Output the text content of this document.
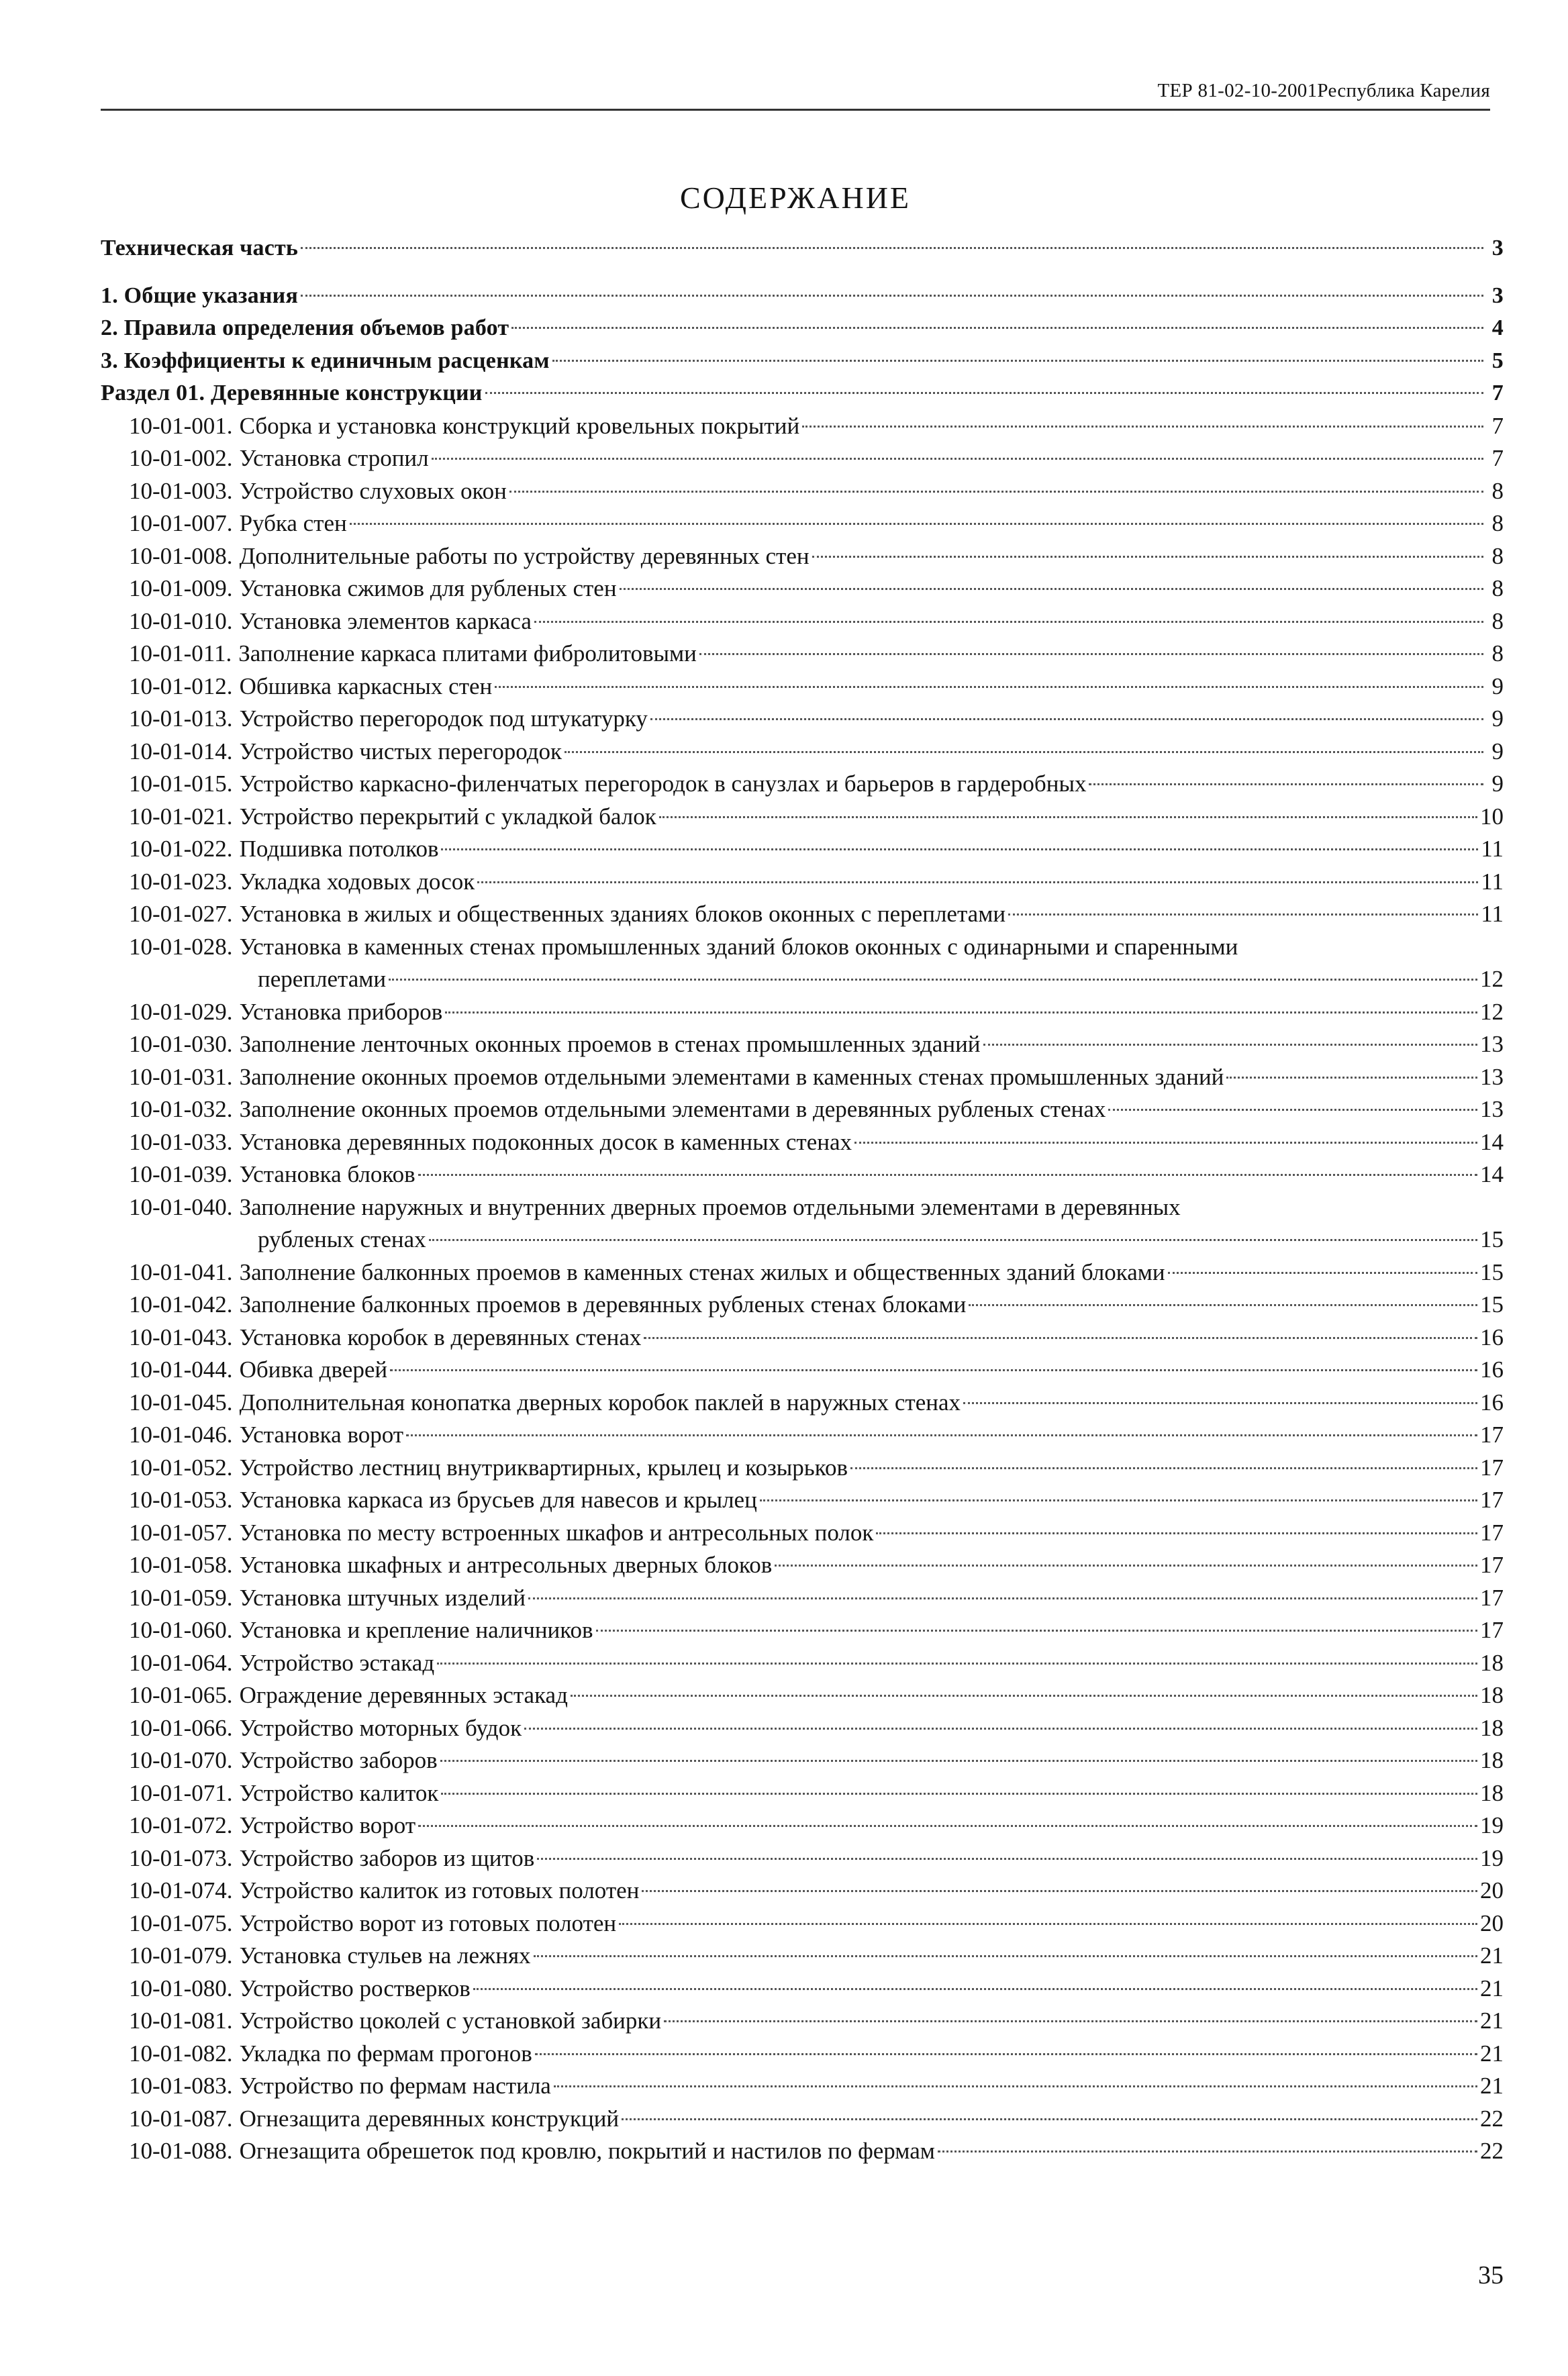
ТЕР 81-02-10-2001Республика Карелия
СОДЕРЖАНИЕ
Техническая часть	3
1. Общие указания	3
2. Правила определения объемов работ	4
3. Коэффициенты к единичным расценкам	5
Раздел 01. Деревянные конструкции	7
10-01-001. Сборка и установка конструкций кровельных покрытий	7
10-01-002. Установка стропил	7
10-01-003. Устройство слуховых окон	8
10-01-007. Рубка стен	8
10-01-008. Дополнительные работы по устройству деревянных стен	8
10-01-009. Установка сжимов для рубленых стен	8
10-01-010. Установка элементов каркаса	8
10-01-011. Заполнение каркаса плитами фибролитовыми	8
10-01-012. Обшивка каркасных стен	9
10-01-013. Устройство перегородок под штукатурку	9
10-01-014. Устройство чистых перегородок	9
10-01-015. Устройство каркасно-филенчатых перегородок в санузлах и барьеров в гардеробных	9
10-01-021. Устройство перекрытий с укладкой балок	10
10-01-022. Подшивка потолков	11
10-01-023. Укладка ходовых досок	11
10-01-027. Установка в жилых и общественных зданиях блоков оконных с переплетами	11
10-01-028. Установка в каменных стенах промышленных зданий блоков оконных с одинарными и спаренными
переплетами	12
10-01-029. Установка приборов	12
10-01-030. Заполнение ленточных оконных проемов в стенах промышленных зданий	13
10-01-031. Заполнение оконных проемов отдельными элементами в каменных стенах промышленных зданий	13
10-01-032. Заполнение оконных проемов отдельными элементами в деревянных рубленых стенах	13
10-01-033. Установка деревянных подоконных досок в каменных стенах	14
10-01-039. Установка блоков	14
10-01-040. Заполнение наружных и внутренних дверных проемов отдельными элементами в деревянных
рубленых стенах	15
10-01-041. Заполнение балконных проемов в каменных стенах жилых и общественных зданий блоками	15
10-01-042. Заполнение балконных проемов в деревянных рубленых стенах блоками	15
10-01-043. Установка коробок в деревянных стенах	16
10-01-044. Обивка дверей	16
10-01-045. Дополнительная конопатка дверных коробок паклей в наружных стенах	16
10-01-046. Установка ворот	17
10-01-052. Устройство лестниц внутриквартирных, крылец и козырьков	17
10-01-053. Установка каркаса из брусьев для навесов и крылец	17
10-01-057. Установка по месту встроенных шкафов и антресольных полок	17
10-01-058. Установка шкафных и антресольных дверных блоков	17
10-01-059. Установка штучных изделий	17
10-01-060. Установка и крепление наличников	17
10-01-064. Устройство эстакад	18
10-01-065. Ограждение деревянных эстакад	18
10-01-066. Устройство моторных будок	18
10-01-070. Устройство заборов	18
10-01-071. Устройство калиток	18
10-01-072. Устройство ворот	19
10-01-073. Устройство заборов из щитов	19
10-01-074. Устройство калиток из готовых полотен	20
10-01-075. Устройство ворот из готовых полотен	20
10-01-079. Установка стульев на лежнях	21
10-01-080. Устройство ростверков	21
10-01-081. Устройство цоколей с установкой забирки	21
10-01-082. Укладка по фермам прогонов	21
10-01-083. Устройство по фермам настила	21
10-01-087. Огнезащита деревянных конструкций	22
10-01-088. Огнезащита обрешеток под кровлю, покрытий и настилов по фермам	22
35
